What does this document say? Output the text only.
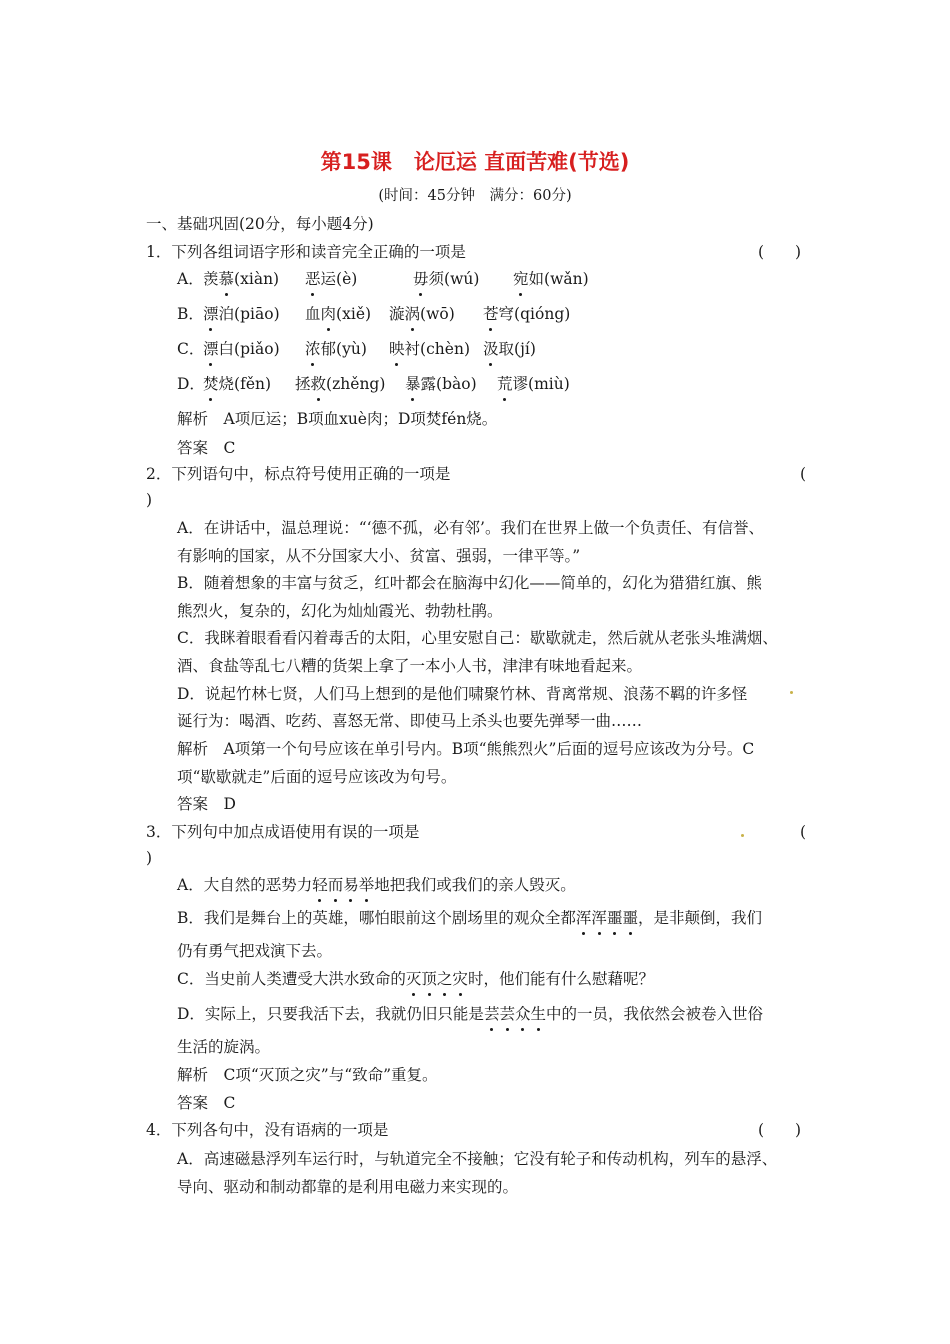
第15课 论厄运 直面苦难(节选)
(时间：45分钟　满分：60分)
一、基础巩固(20分，每小题4分)
1．下列各组词语字形和读音完全正确的一项是	(　　)
A． 羡慕(xiàn) 恶运(è)	毋须(wú) 宛如(wǎn)
B． 漂泊(piāo) 血肉(xiě) 漩涡(wō) 苍穹(qióng)
C．
漂白(piǎo) 浓郁(yù) 映衬(chèn) 汲取(jí)
D．
焚烧(fěn) 拯救(zhěng) 暴露(bào) 荒谬(miù)
解析　A项厄运；B项血xuè肉；D项焚fén烧。
答案　C
2．下列语句中，标点符号使用正确的一项是	(
)
A．在讲话中，温总理说：“‘德不孤，必有邻’。我们在世界上做一个负责任、有信誉、
有影响的国家，从不分国家大小、贫富、强弱，一律平等。”
B．随着想象的丰富与贫乏，红叶都会在脑海中幻化——简单的，幻化为猎猎红旗、熊
熊烈火，复杂的，幻化为灿灿霞光、勃勃杜鹃。
C．我眯着眼看看闪着毒舌的太阳，心里安慰自己：歇歇就走，然后就从老张头堆满烟、
酒、食盐等乱七八糟的货架上拿了一本小人书，津津有味地看起来。
D．说起竹林七贤，人们马上想到的是他们啸聚竹林、背离常规、浪荡不羁的许多怪
诞行为：喝酒、吃药、喜怒无常、即使马上杀头也要先弹琴一曲……
解析　A项第一个句号应该在单引号内。B项“熊熊烈火”后面的逗号应该改为分号。C
项“歇歇就走”后面的逗号应该改为句号。
答案　D
3．下列句中加点成语使用有误的一项是	(
)
A．大自然的恶势力轻而易举地把我们或我们的亲人毁灭。
B．我们是舞台上的英雄，哪怕眼前这个剧场里的观众全都浑浑噩噩，是非颠倒，我们
仍有勇气把戏演下去。
C．当史前人类遭受大洪水致命的灭顶之灾时，他们能有什么慰藉呢？
D．实际上，只要我活下去，我就仍旧只能是芸芸众生中的一员，我依然会被卷入世俗
生活的旋涡。
解析　C项“灭顶之灾”与“致命”重复。
答案　C
4．下列各句中，没有语病的一项是	(　　)
A．高速磁悬浮列车运行时，与轨道完全不接触；它没有轮子和传动机构，列车的悬浮、
导向、驱动和制动都靠的是利用电磁力来实现的。
